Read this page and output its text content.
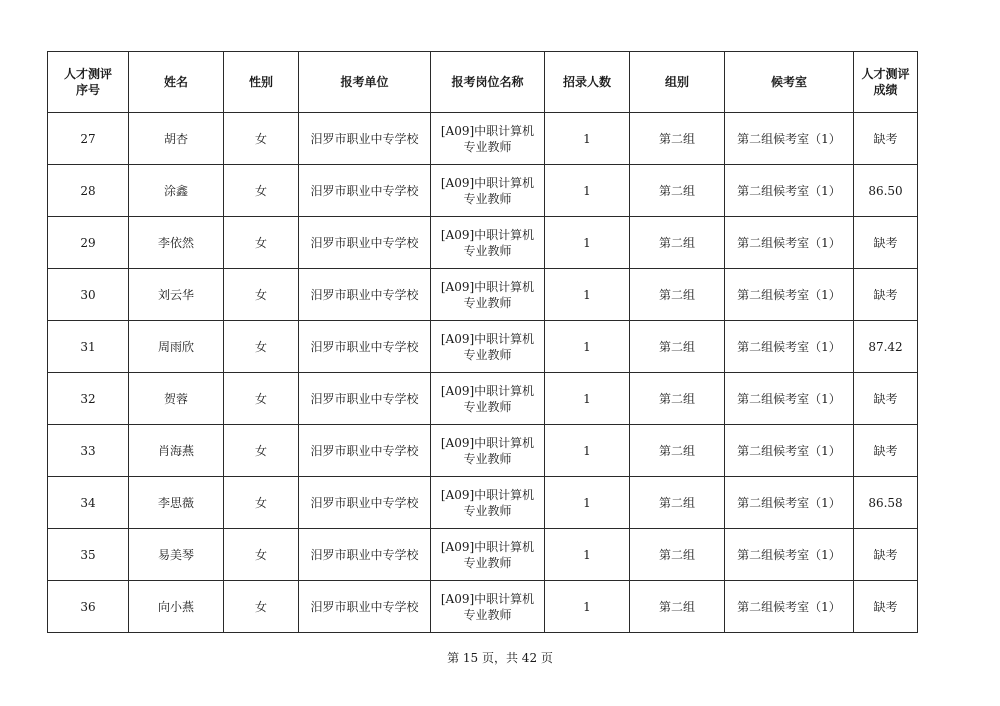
人才测评序号	姓名	性别	报考单位	报考岗位名称	招录人数	组别	候考室	人才测评成绩
27	胡杏	女	汨罗市职业中专学校	[A09]中职计算机专业教师	1	第二组	第二组候考室（1）	缺考
28	涂鑫	女	汨罗市职业中专学校	[A09]中职计算机专业教师	1	第二组	第二组候考室（1）	86.50
29	李依然	女	汨罗市职业中专学校	[A09]中职计算机专业教师	1	第二组	第二组候考室（1）	缺考
30	刘云华	女	汨罗市职业中专学校	[A09]中职计算机专业教师	1	第二组	第二组候考室（1）	缺考
31	周雨欣	女	汨罗市职业中专学校	[A09]中职计算机专业教师	1	第二组	第二组候考室（1）	87.42
32	贺蓉	女	汨罗市职业中专学校	[A09]中职计算机专业教师	1	第二组	第二组候考室（1）	缺考
33	肖海燕	女	汨罗市职业中专学校	[A09]中职计算机专业教师	1	第二组	第二组候考室（1）	缺考
34	李思薇	女	汨罗市职业中专学校	[A09]中职计算机专业教师	1	第二组	第二组候考室（1）	86.58
35	易美琴	女	汨罗市职业中专学校	[A09]中职计算机专业教师	1	第二组	第二组候考室（1）	缺考
36	向小燕	女	汨罗市职业中专学校	[A09]中职计算机专业教师	1	第二组	第二组候考室（1）	缺考
第 15 页，共 42 页
